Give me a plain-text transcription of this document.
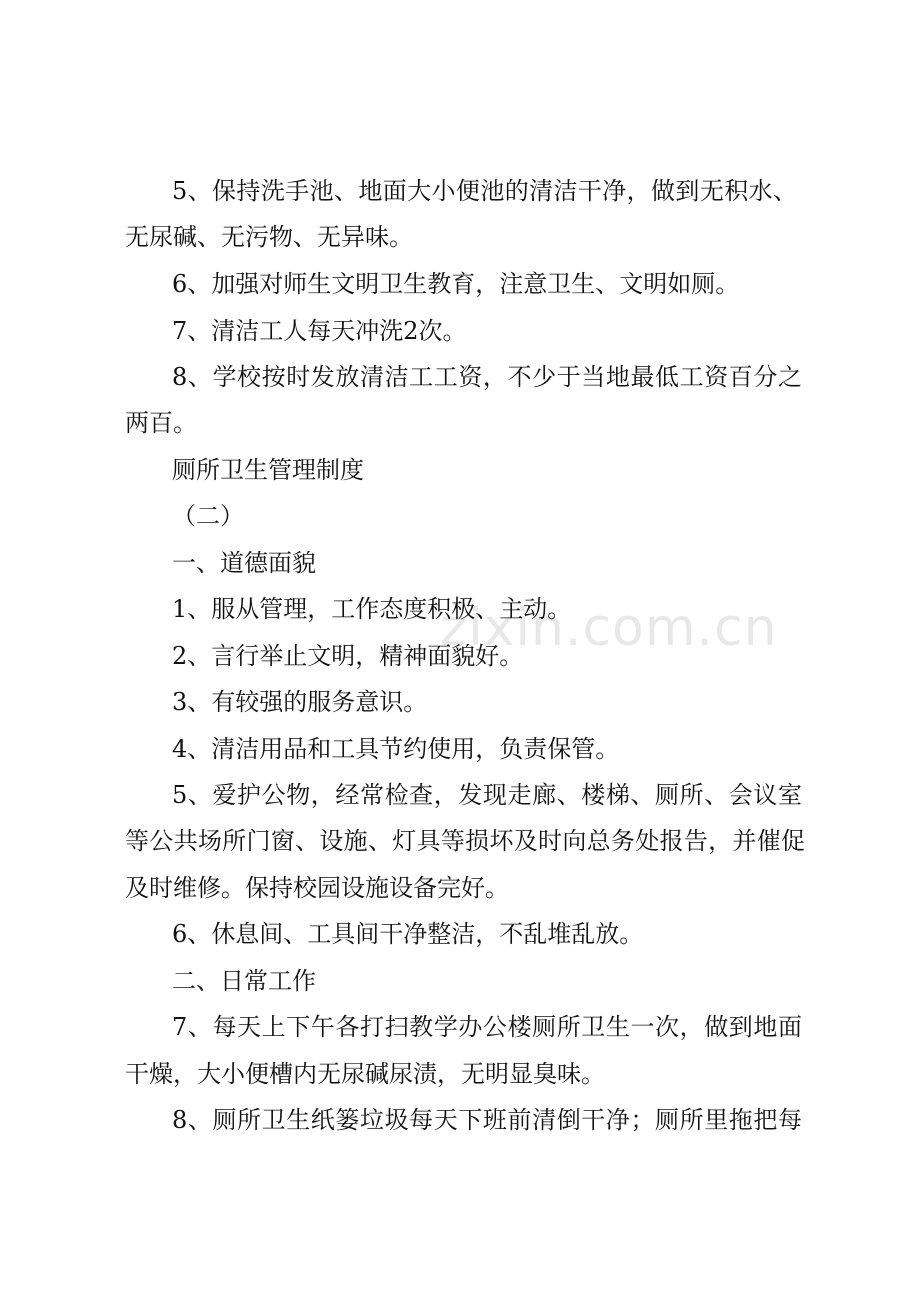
zixin.com.cn
5、保持洗手池、地面大小便池的清洁干净，做到无积水、
无尿碱、无污物、无异味。
6、加强对师生文明卫生教育，注意卫生、文明如厕。
7、清洁工人每天冲洗2次。
8、学校按时发放清洁工工资，不少于当地最低工资百分之
两百。
厕所卫生管理制度
（二）
一、道德面貌
1、服从管理，工作态度积极、主动。
2、言行举止文明，精神面貌好。
3、有较强的服务意识。
4、清洁用品和工具节约使用，负责保管。
5、爱护公物，经常检查，发现走廊、楼梯、厕所、会议室
等公共场所门窗、设施、灯具等损坏及时向总务处报告，并催促
及时维修。保持校园设施设备完好。
6、休息间、工具间干净整洁，不乱堆乱放。
二、日常工作
7、每天上下午各打扫教学办公楼厕所卫生一次，做到地面
干燥，大小便槽内无尿碱尿渍，无明显臭味。
8、厕所卫生纸篓垃圾每天下班前清倒干净；厕所里拖把每
